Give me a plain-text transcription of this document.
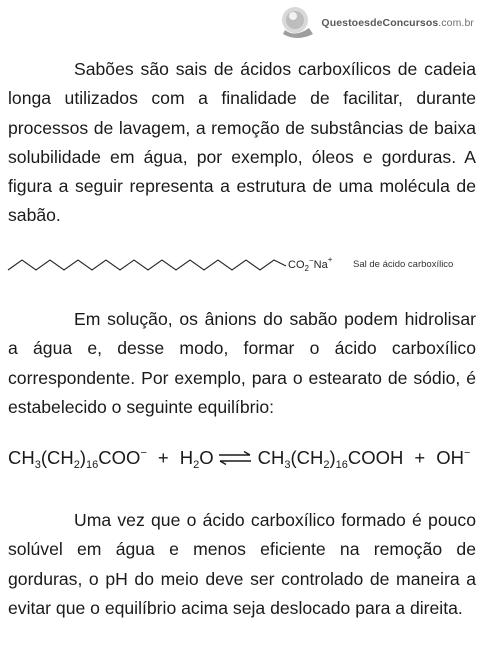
QuestoesdeConcursos.com.br

Sabões são sais de ácidos carboxílicos de cadeia longa utilizados com a finalidade de facilitar, durante processos de lavagem, a remoção de substâncias de baixa solubilidade em água, por exemplo, óleos e gorduras. A figura a seguir representa a estrutura de uma molécula de sabão.

$CO_2^-Na^+$ Sal de ácido carboxílico

Em solução, os ânions do sabão podem hidrolisar a água e, desse modo, formar o ácido carboxílico correspondente. Por exemplo, para o estearato de sódio, é estabelecido o seguinte equilíbrio:

$CH_3(CH_2)_{16}COO^- + H_2O$ ⇌ $CH_3(CH_2)_{16}COOH + OH^-$

Uma vez que o ácido carboxílico formado é pouco solúvel em água e menos eficiente na remoção de gorduras, o pH do meio deve ser controlado de maneira a evitar que o equilíbrio acima seja deslocado para a direita.
